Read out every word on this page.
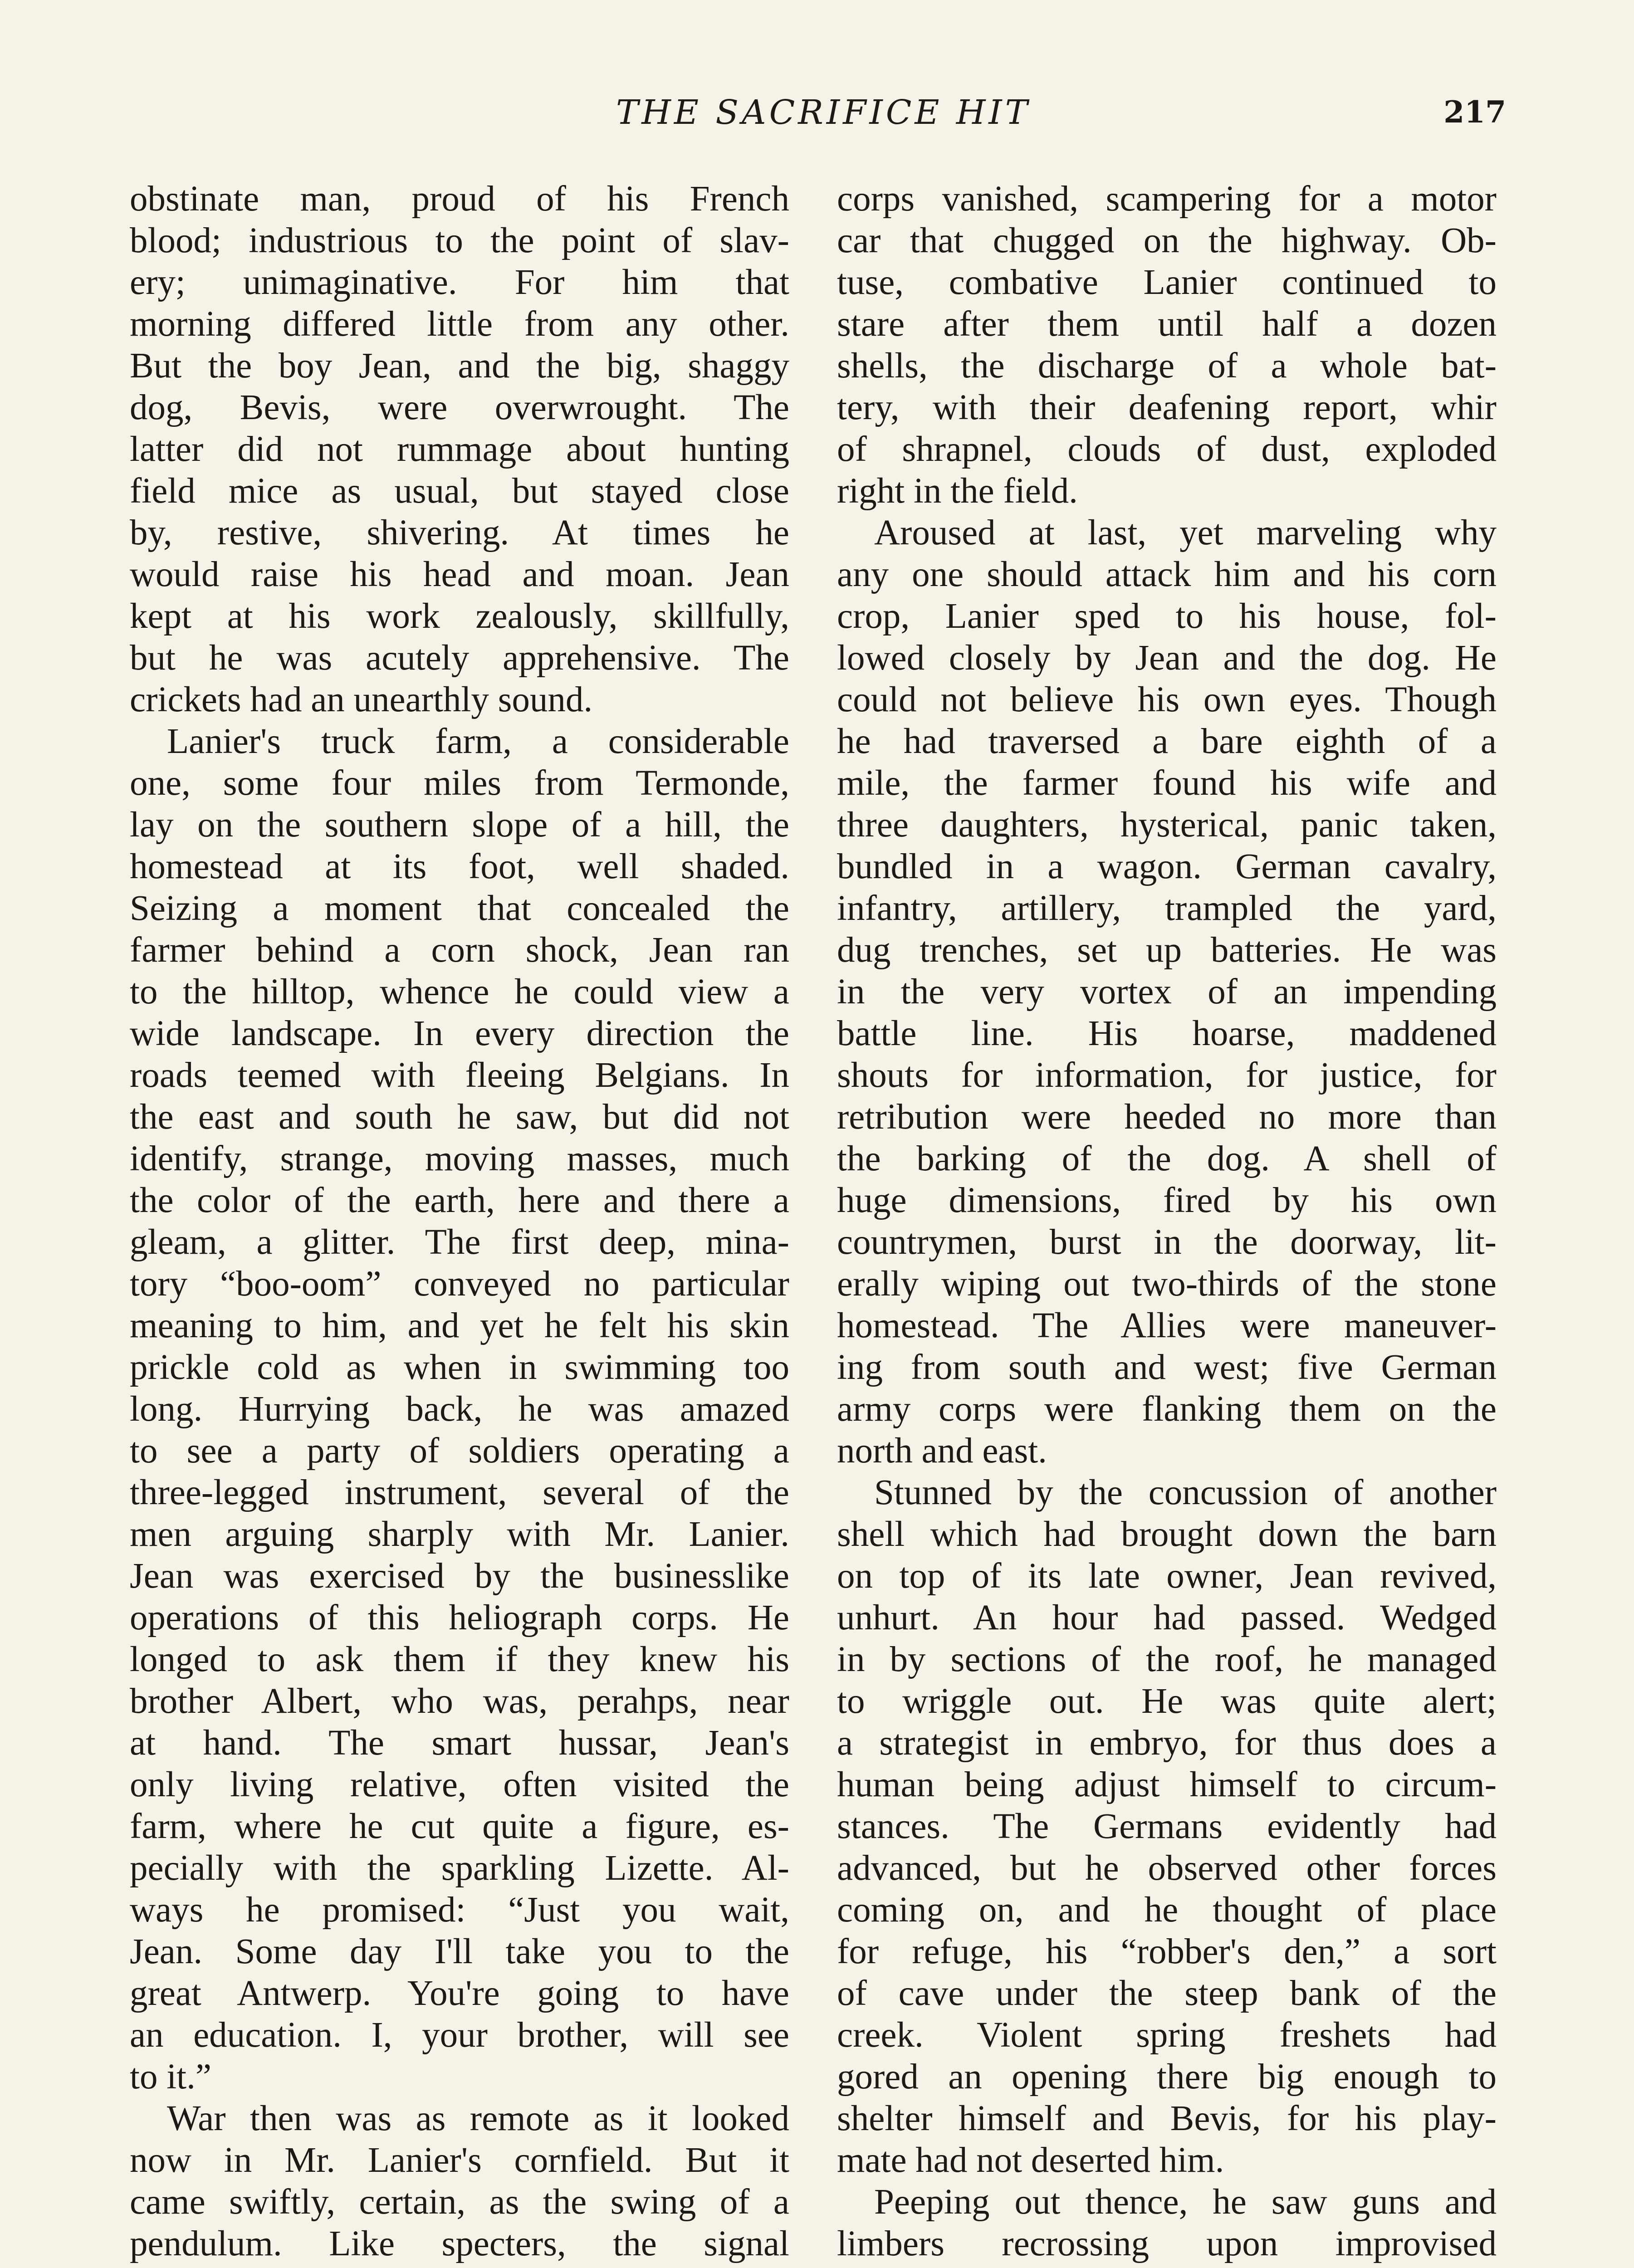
THE SACRIFICE HIT	217
obstinate man, proud of his French
blood; industrious to the point of slav-
ery; unimaginative. For him that
morning differed little from any other.
But the boy Jean, and the big, shaggy
dog, Bevis, were overwrought. The
latter did not rummage about hunting
field mice as usual, but stayed close
by, restive, shivering. At times he
would raise his head and moan. Jean
kept at his work zealously, skillfully,
but he was acutely apprehensive. The
crickets had an unearthly sound.
Lanier's truck farm, a considerable
one, some four miles from Termonde,
lay on the southern slope of a hill, the
homestead at its foot, well shaded.
Seizing a moment that concealed the
farmer behind a corn shock, Jean ran
to the hilltop, whence he could view a
wide landscape. In every direction the
roads teemed with fleeing Belgians. In
the east and south he saw, but did not
identify, strange, moving masses, much
the color of the earth, here and there a
gleam, a glitter. The first deep, mina-
tory “boo-oom” conveyed no particular
meaning to him, and yet he felt his skin
prickle cold as when in swimming too
long. Hurrying back, he was amazed
to see a party of soldiers operating a
three-legged instrument, several of the
men arguing sharply with Mr. Lanier.
Jean was exercised by the businesslike
operations of this heliograph corps. He
longed to ask them if they knew his
brother Albert, who was, perahps, near
at hand. The smart hussar, Jean's
only living relative, often visited the
farm, where he cut quite a figure, es-
pecially with the sparkling Lizette. Al-
ways he promised: “Just you wait,
Jean. Some day I'll take you to the
great Antwerp. You're going to have
an education. I, your brother, will see
to it.”
War then was as remote as it looked
now in Mr. Lanier's cornfield. But it
came swiftly, certain, as the swing of a
pendulum. Like specters, the signal
corps vanished, scampering for a motor
car that chugged on the highway. Ob-
tuse, combative Lanier continued to
stare after them until half a dozen
shells, the discharge of a whole bat-
tery, with their deafening report, whir
of shrapnel, clouds of dust, exploded
right in the field.
Aroused at last, yet marveling why
any one should attack him and his corn
crop, Lanier sped to his house, fol-
lowed closely by Jean and the dog. He
could not believe his own eyes. Though
he had traversed a bare eighth of a
mile, the farmer found his wife and
three daughters, hysterical, panic taken,
bundled in a wagon. German cavalry,
infantry, artillery, trampled the yard,
dug trenches, set up batteries. He was
in the very vortex of an impending
battle line. His hoarse, maddened
shouts for information, for justice, for
retribution were heeded no more than
the barking of the dog. A shell of
huge dimensions, fired by his own
countrymen, burst in the doorway, lit-
erally wiping out two-thirds of the stone
homestead. The Allies were maneuver-
ing from south and west; five German
army corps were flanking them on the
north and east.
Stunned by the concussion of another
shell which had brought down the barn
on top of its late owner, Jean revived,
unhurt. An hour had passed. Wedged
in by sections of the roof, he managed
to wriggle out. He was quite alert;
a strategist in embryo, for thus does a
human being adjust himself to circum-
stances. The Germans evidently had
advanced, but he observed other forces
coming on, and he thought of place
for refuge, his “robber's den,” a sort
of cave under the steep bank of the
creek. Violent spring freshets had
gored an opening there big enough to
shelter himself and Bevis, for his play-
mate had not deserted him.
Peeping out thence, he saw guns and
limbers recrossing upon improvised
